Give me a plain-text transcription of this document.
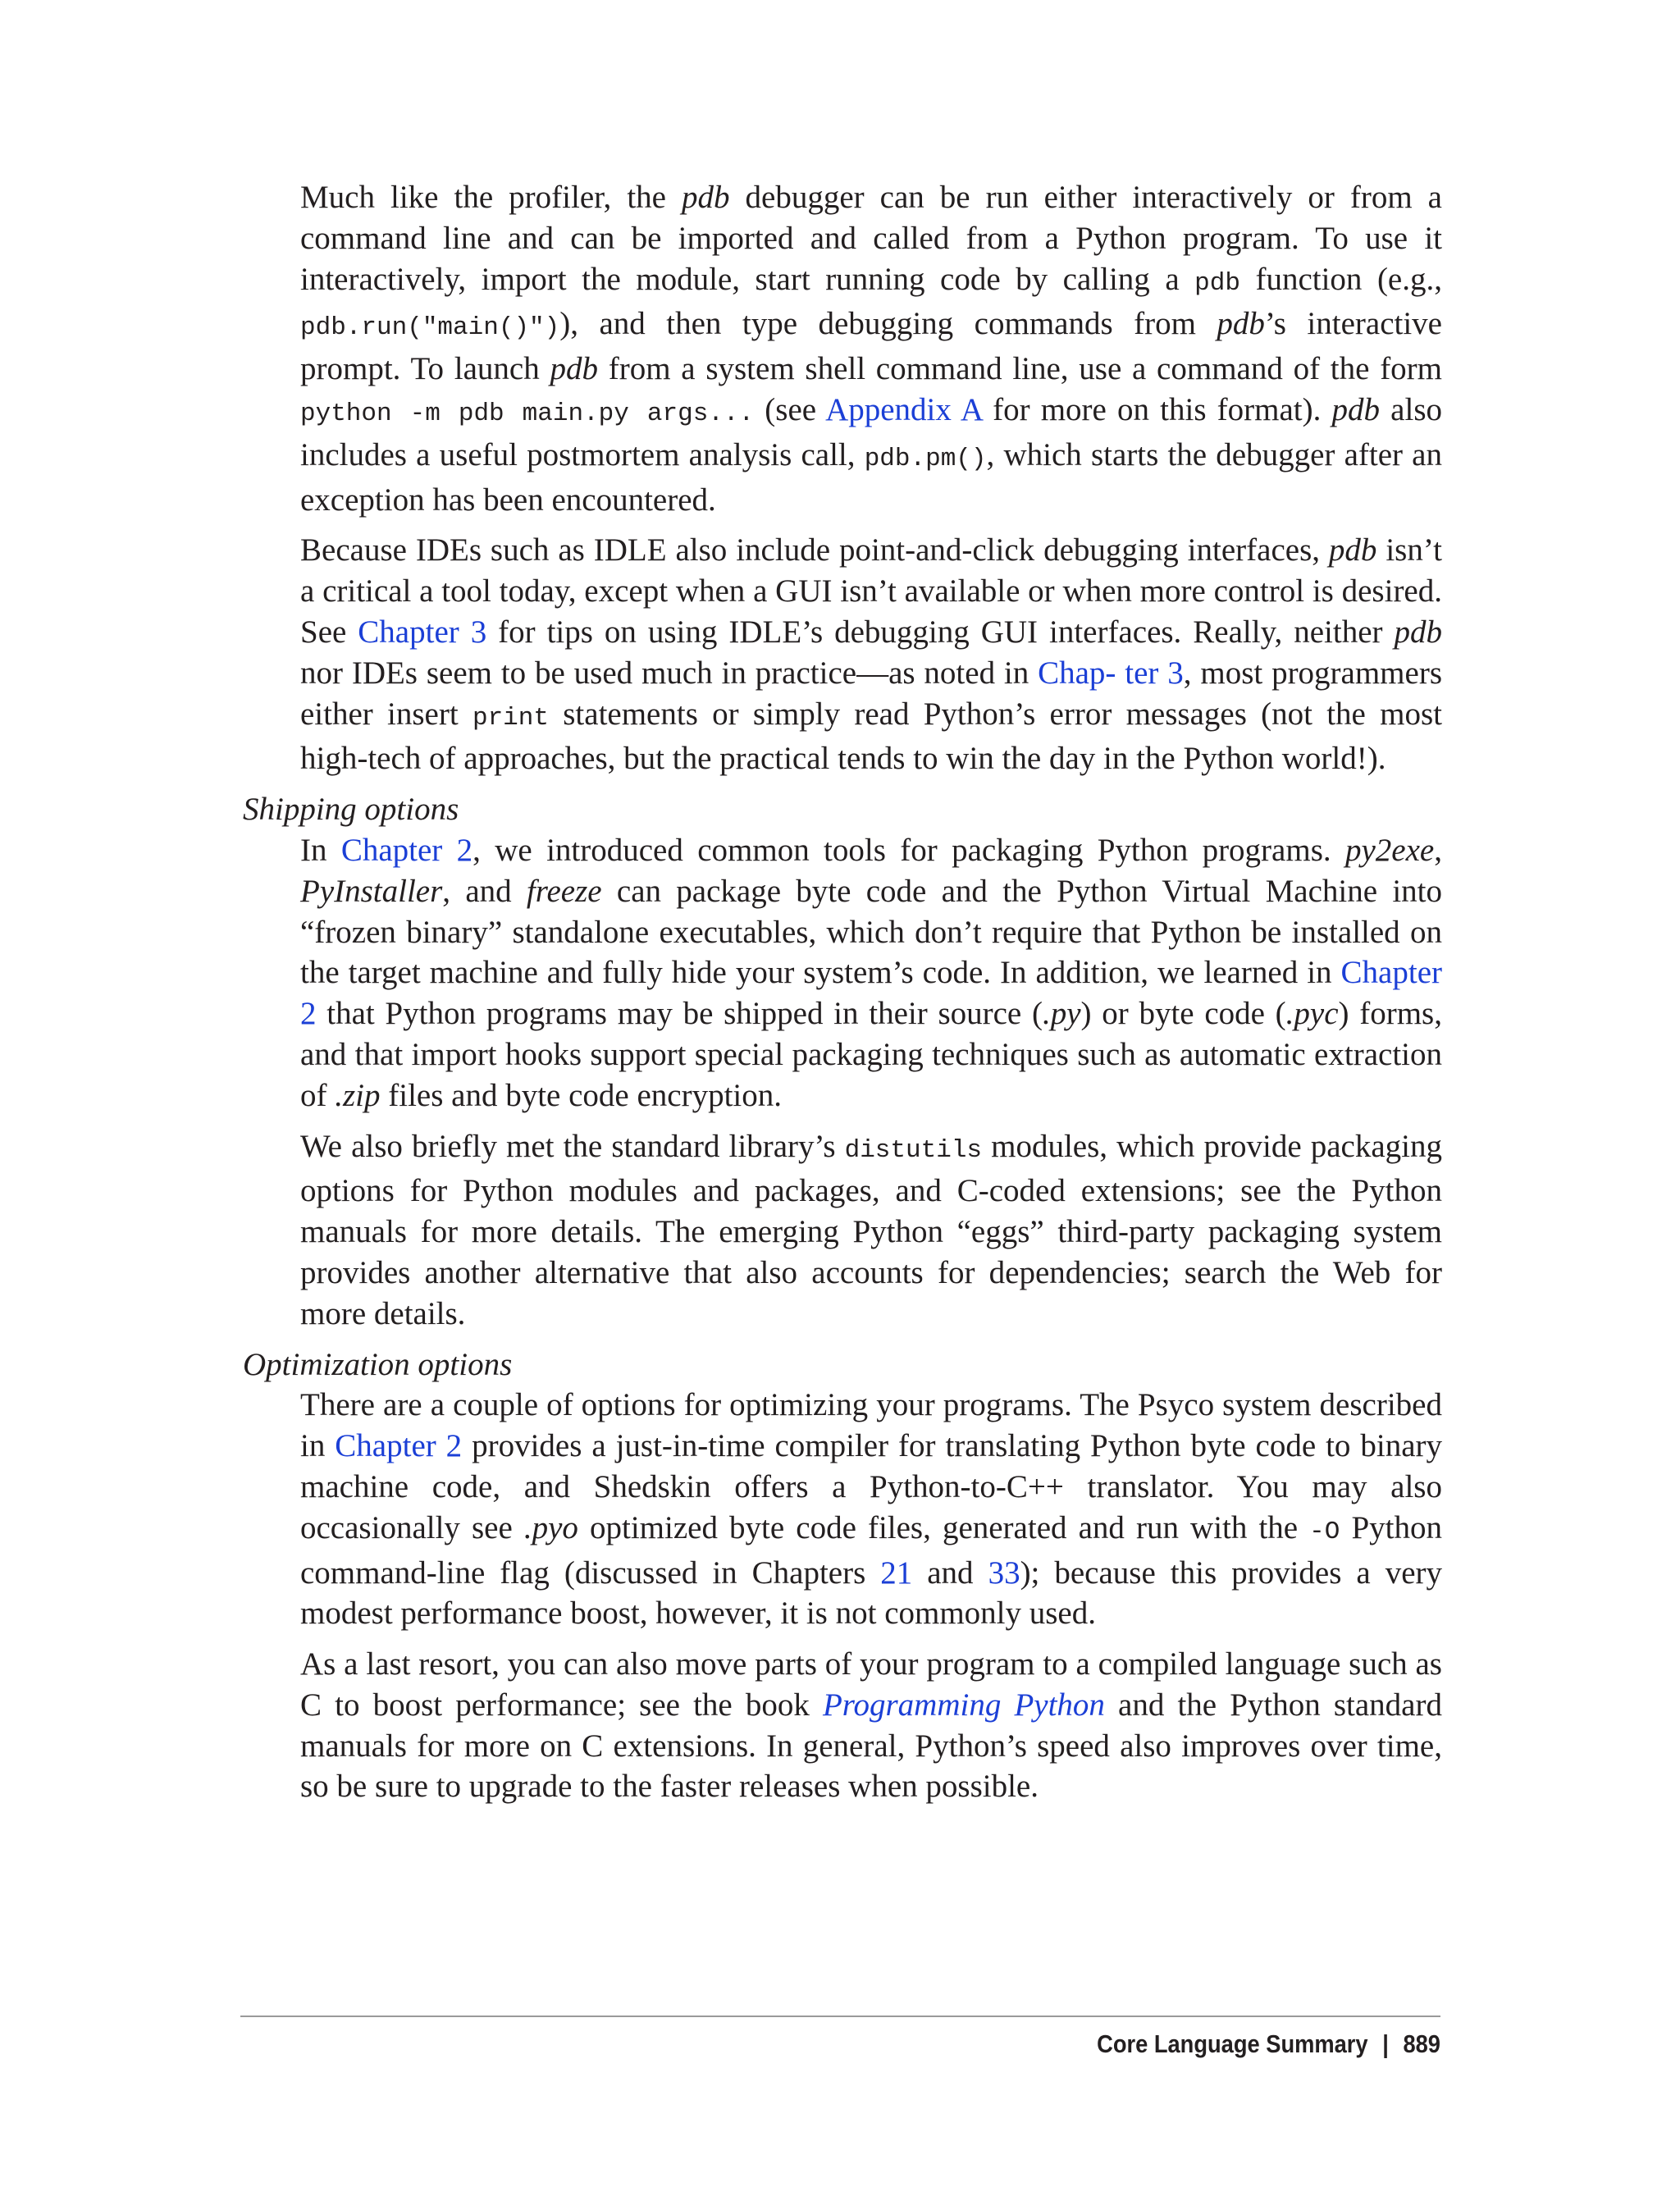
Much like the profiler, the pdb debugger can be run either interactively or from a command line and can be imported and called from a Python program. To use it interactively, import the module, start running code by calling a pdb function (e.g., pdb.run("main()")), and then type debugging commands from pdb’s interactive prompt. To launch pdb from a system shell command line, use a command of the form python -m pdb main.py args... (see Appendix A for more on this format). pdb also includes a useful postmortem analysis call, pdb.pm(), which starts the debugger after an exception has been encountered.

Because IDEs such as IDLE also include point-and-click debugging interfaces, pdb isn’t a critical a tool today, except when a GUI isn’t available or when more control is desired. See Chapter 3 for tips on using IDLE’s debugging GUI interfaces. Really, neither pdb nor IDEs seem to be used much in practice—as noted in Chap- ter 3, most programmers either insert print statements or simply read Python’s error messages (not the most high-tech of approaches, but the practical tends to win the day in the Python world!).

Shipping options

In Chapter 2, we introduced common tools for packaging Python programs. py2exe, PyInstaller, and freeze can package byte code and the Python Virtual Machine into “frozen binary” standalone executables, which don’t require that Python be installed on the target machine and fully hide your system’s code. In addition, we learned in Chapter 2 that Python programs may be shipped in their source (.py) or byte code (.pyc) forms, and that import hooks support special packaging techniques such as automatic extraction of .zip files and byte code encryption.

We also briefly met the standard library’s distutils modules, which provide packaging options for Python modules and packages, and C-coded extensions; see the Python manuals for more details. The emerging Python “eggs” third-party packaging system provides another alternative that also accounts for dependencies; search the Web for more details.

Optimization options

There are a couple of options for optimizing your programs. The Psyco system described in Chapter 2 provides a just-in-time compiler for translating Python byte code to binary machine code, and Shedskin offers a Python-to-C++ translator. You may also occasionally see .pyo optimized byte code files, generated and run with the -O Python command-line flag (discussed in Chapters 21 and 33); because this provides a very modest performance boost, however, it is not commonly used.

As a last resort, you can also move parts of your program to a compiled language such as C to boost performance; see the book Programming Python and the Python standard manuals for more on C extensions. In general, Python’s speed also improves over time, so be sure to upgrade to the faster releases when possible.

Core Language Summary | 889
